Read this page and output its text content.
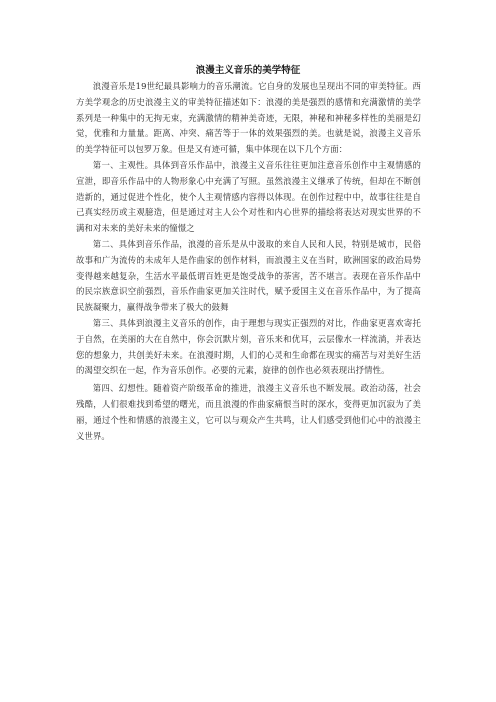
浪漫主义音乐的美学特征

浪漫音乐是19世纪最具影响力的音乐潮流。它自身的发展也呈现出不同的审美特征。西方美学观念的历史浪漫主义的审美特征描述如下：浪漫的美是强烈的感情和充满激情的美学系列是一种集中的无拘无束，充满激情的精神美奇迹，无限，神秘和神秘多样性的美丽是幻觉，优雅和力量量。距离、冲突、痛苦等于一体的效果强烈的美。也就是说，浪漫主义音乐的美学特征可以包罗万象。但是又有迹可循，集中体现在以下几个方面：

第一、主观性。具体到音乐作品中，浪漫主义音乐往往更加注意音乐创作中主观情感的宣泄，即音乐作品中的人物形象心中充满了写照。虽然浪漫主义继承了传统，但却在不断创造新的，通过促进个性化，使个人主观情感内容得以体现。在创作过程中中，故事往往是自己真实经历或主观臆造，但是通过对主人公个对性和内心世界的描绘将表达对现实世界的不满和对未来的美好未来的憧憬之

第二、具体到音乐作品，浪漫的音乐是从中汲取的来自人民和人民，特别是城市，民俗故事和广为流传的未成年人是作曲家的创作材料，而浪漫主义在当时，欧洲国家的政治局势变得越来越复杂，生活水平最低谓百姓更是饱受战争的荼害，苦不堪言。表现在音乐作品中的民宗族意识空前强烈，音乐作曲家更加关注时代，赋予爱国主义在音乐作品中，为了提高民族凝聚力，赢得战争带来了极大的鼓舞

第三、具体到浪漫主义音乐的创作，由于理想与现实正强烈的对比，作曲家更喜欢寄托于自然，在美丽的大在自然中，你会沉默片刻，音乐来和优耳，云层像水一样流淌，并表达您的想象力，共创美好未来。在浪漫时期，人们的心灵和生命都在现实的痛苦与对美好生活的渴望交织在一起，作为音乐创作。必要的元素，旋律的创作也必须表现出抒情性。

第四、幻想性。随着资产阶级革命的推进，浪漫主义音乐也不断发展。政治动荡，社会残酷，人们很难找到希望的曙光，而且浪漫的作曲家痛恨当时的深水，变得更加沉寂为了美丽，通过个性和情感的浪漫主义，它可以与观众产生共鸣，让人们感受到他们心中的浪漫主义世界。
